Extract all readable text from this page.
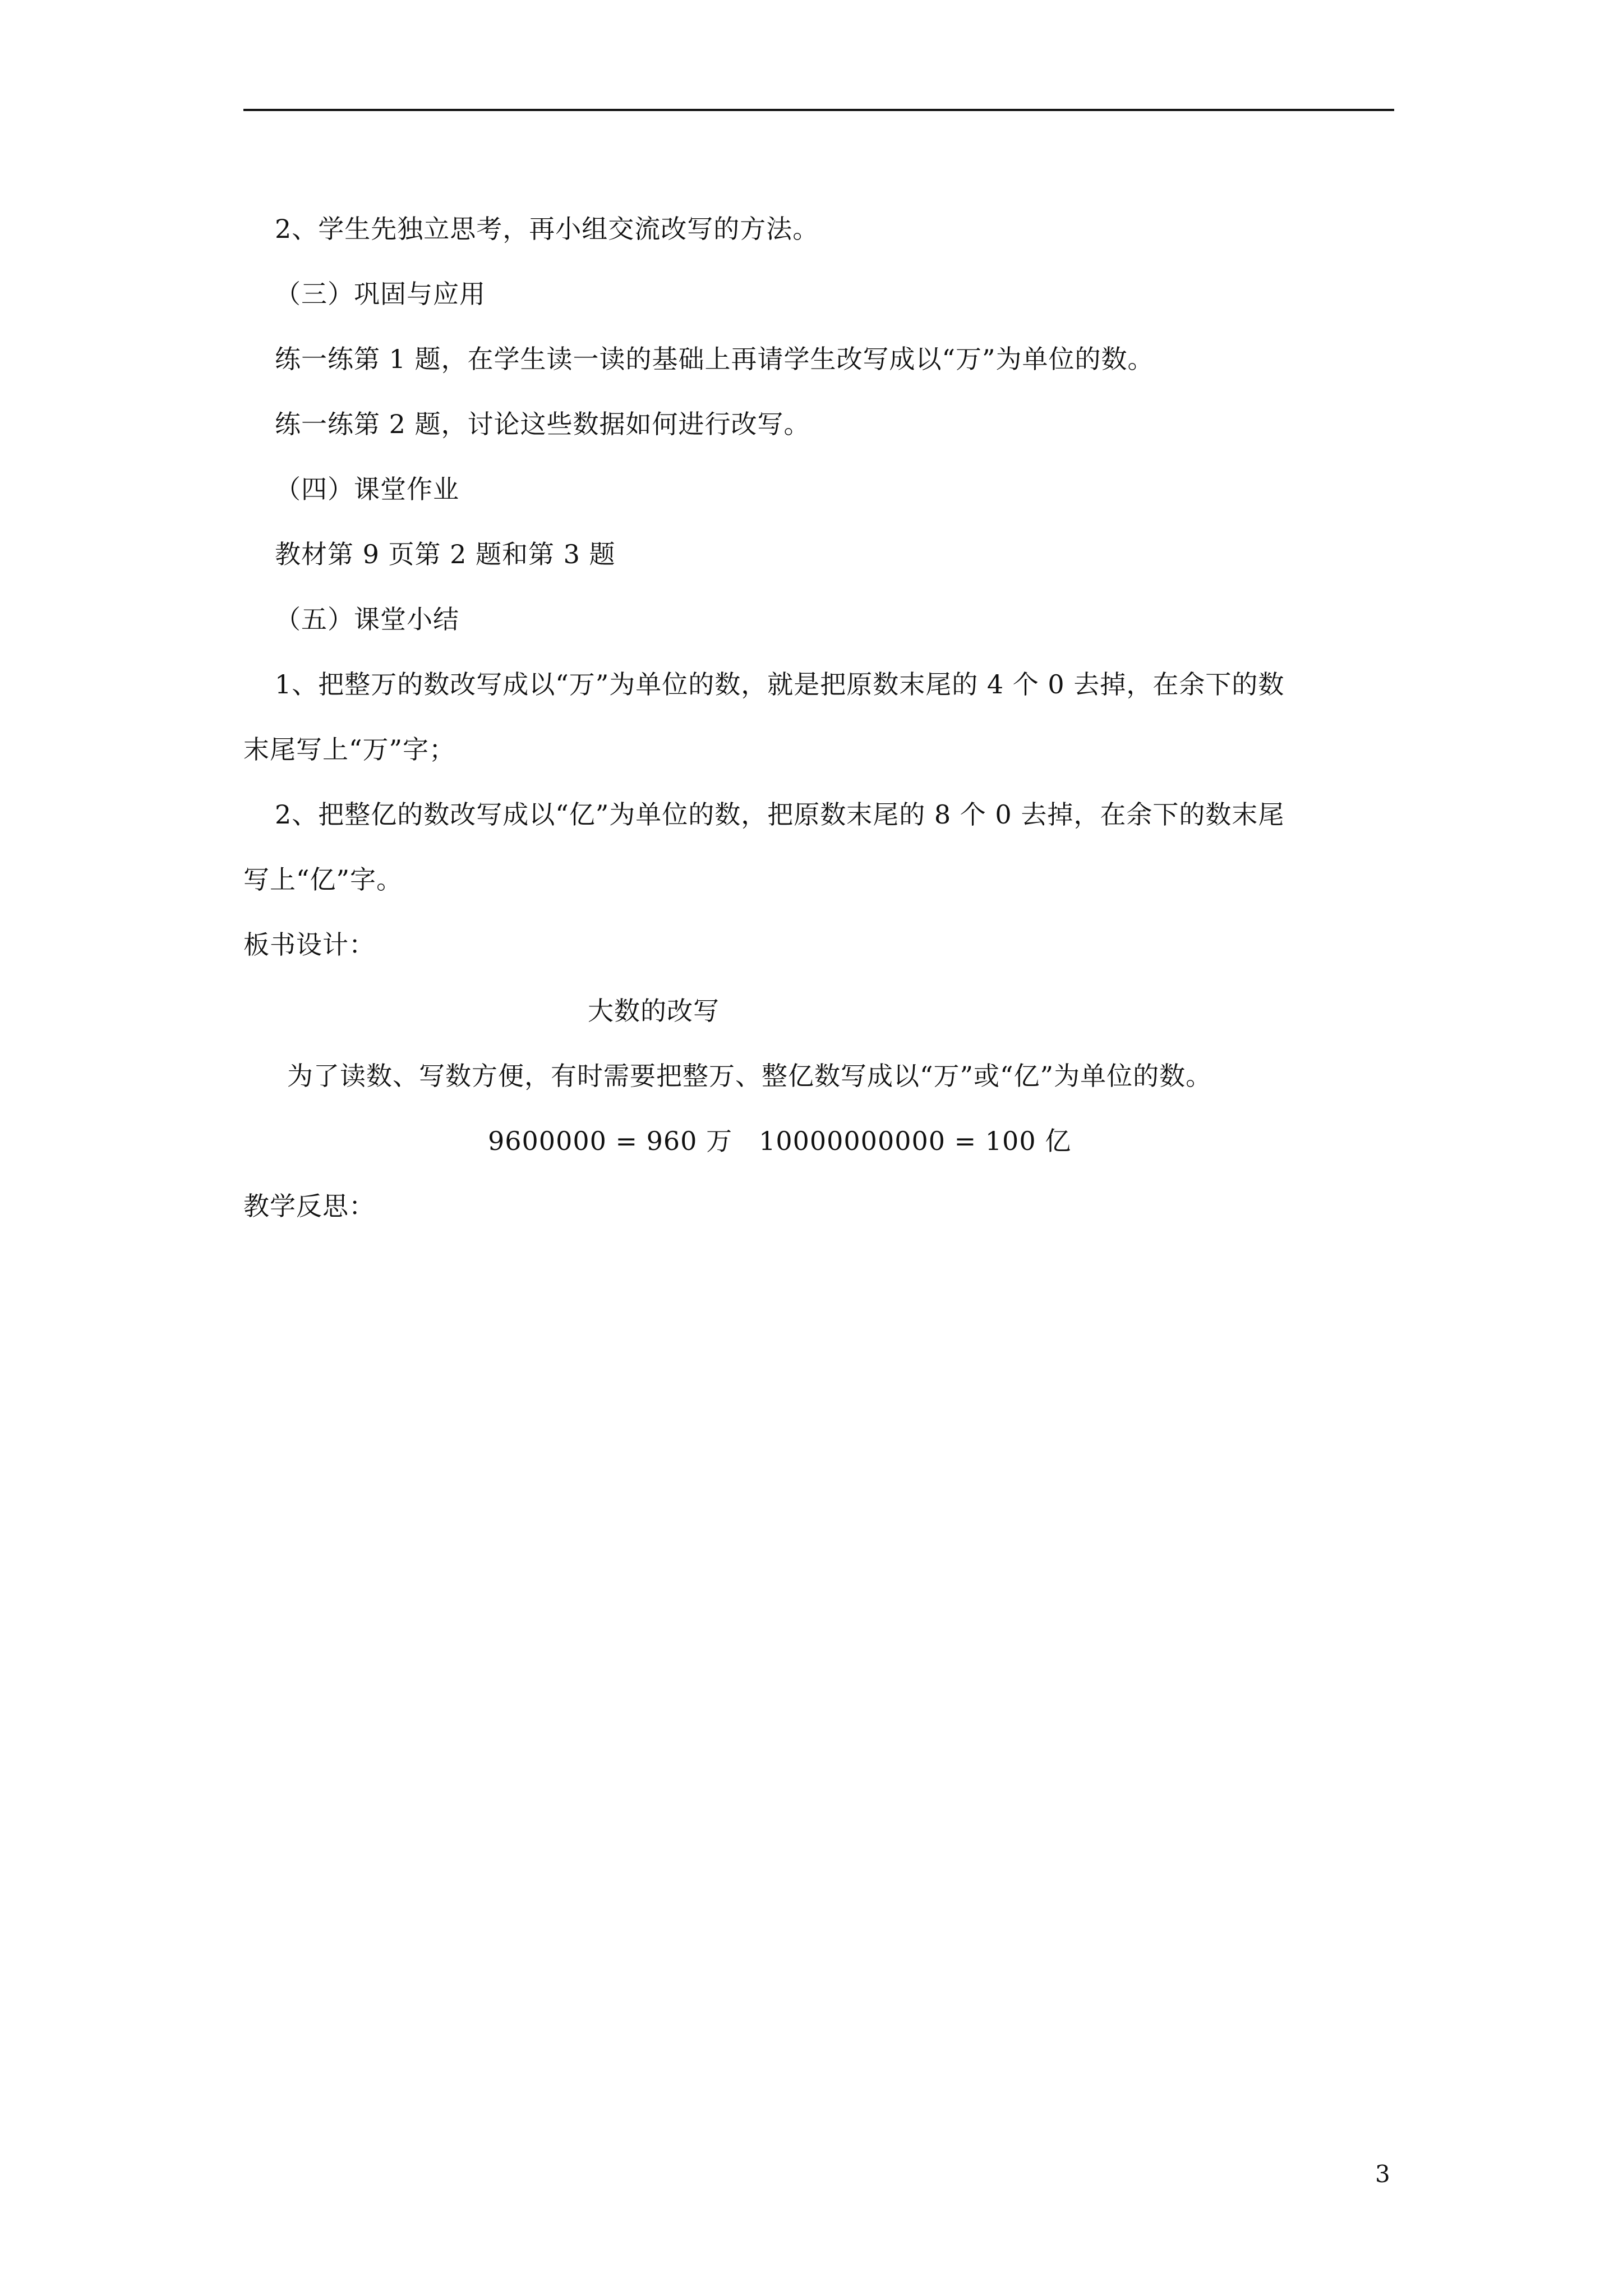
2、学生先独立思考，再小组交流改写的方法。
（三）巩固与应用
练一练第 1 题，在学生读一读的基础上再请学生改写成以“万”为单位的数。
练一练第 2 题，讨论这些数据如何进行改写。
（四）课堂作业
教材第 9 页第 2 题和第 3 题
（五）课堂小结
1、把整万的数改写成以“万”为单位的数，就是把原数末尾的 4 个 0 去掉，在余下的数
末尾写上“万”字；
2、把整亿的数改写成以“亿”为单位的数，把原数末尾的 8 个 0 去掉，在余下的数末尾
写上“亿”字。
板书设计：
大数的改写
为了读数、写数方便，有时需要把整万、整亿数写成以“万”或“亿”为单位的数。
9600000 = 960 万　10000000000 = 100 亿
教学反思：
3
